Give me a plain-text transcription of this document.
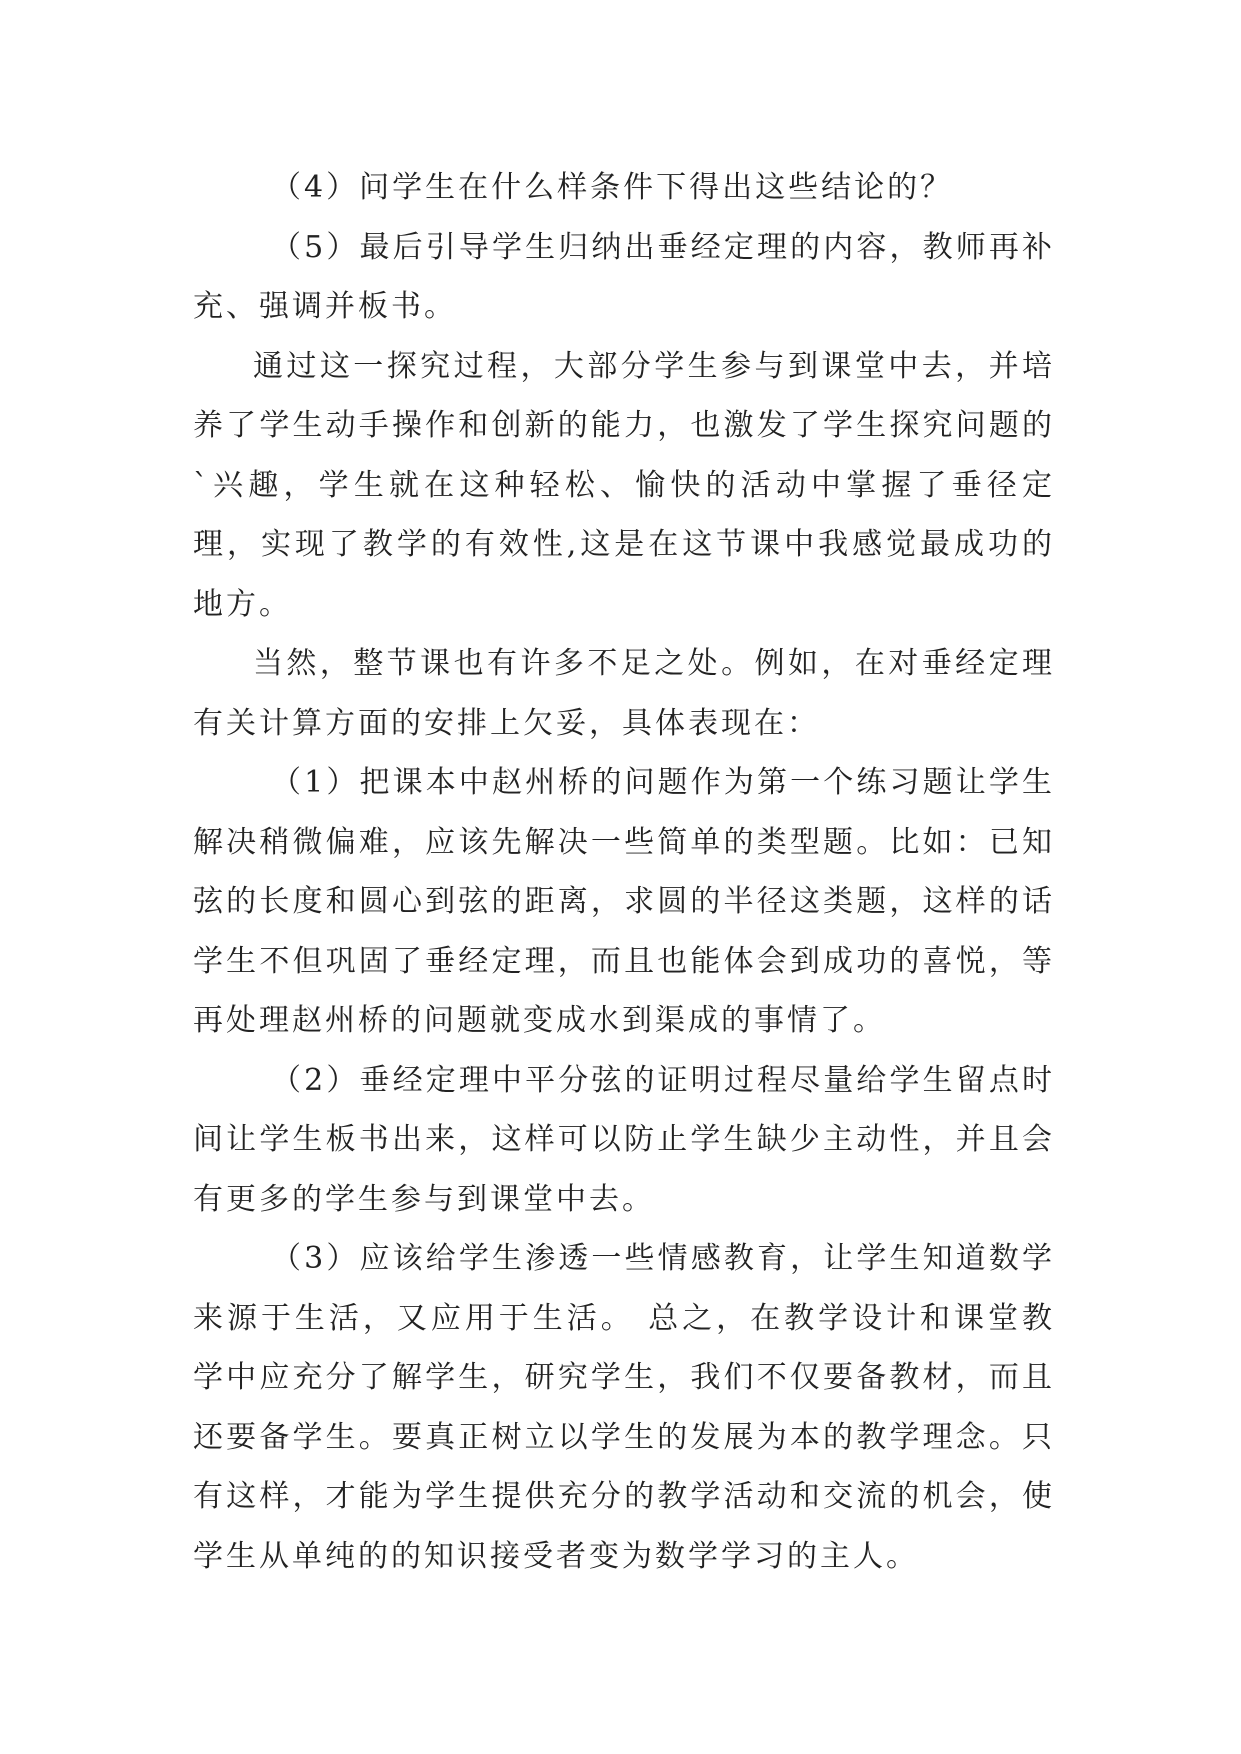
（4）问学生在什么样条件下得出这些结论的？

（5）最后引导学生归纳出垂经定理的内容，教师再补充、强调并板书。

通过这一探究过程，大部分学生参与到课堂中去，并培养了学生动手操作和创新的能力，也激发了学生探究问题的`兴趣，学生就在这种轻松、愉快的活动中掌握了垂径定理，实现了教学的有效性,这是在这节课中我感觉最成功的地方。

当然，整节课也有许多不足之处。例如，在对垂经定理有关计算方面的安排上欠妥，具体表现在：

（1）把课本中赵州桥的问题作为第一个练习题让学生解决稍微偏难，应该先解决一些简单的类型题。比如：已知弦的长度和圆心到弦的距离，求圆的半径这类题，这样的话学生不但巩固了垂经定理，而且也能体会到成功的喜悦，等再处理赵州桥的问题就变成水到渠成的事情了。

（2）垂经定理中平分弦的证明过程尽量给学生留点时间让学生板书出来，这样可以防止学生缺少主动性，并且会有更多的学生参与到课堂中去。

（3）应该给学生渗透一些情感教育，让学生知道数学来源于生活，又应用于生活。 总之，在教学设计和课堂教学中应充分了解学生，研究学生，我们不仅要备教材，而且还要备学生。要真正树立以学生的发展为本的教学理念。只有这样，才能为学生提供充分的教学活动和交流的机会，使学生从单纯的的知识接受者变为数学学习的主人。
